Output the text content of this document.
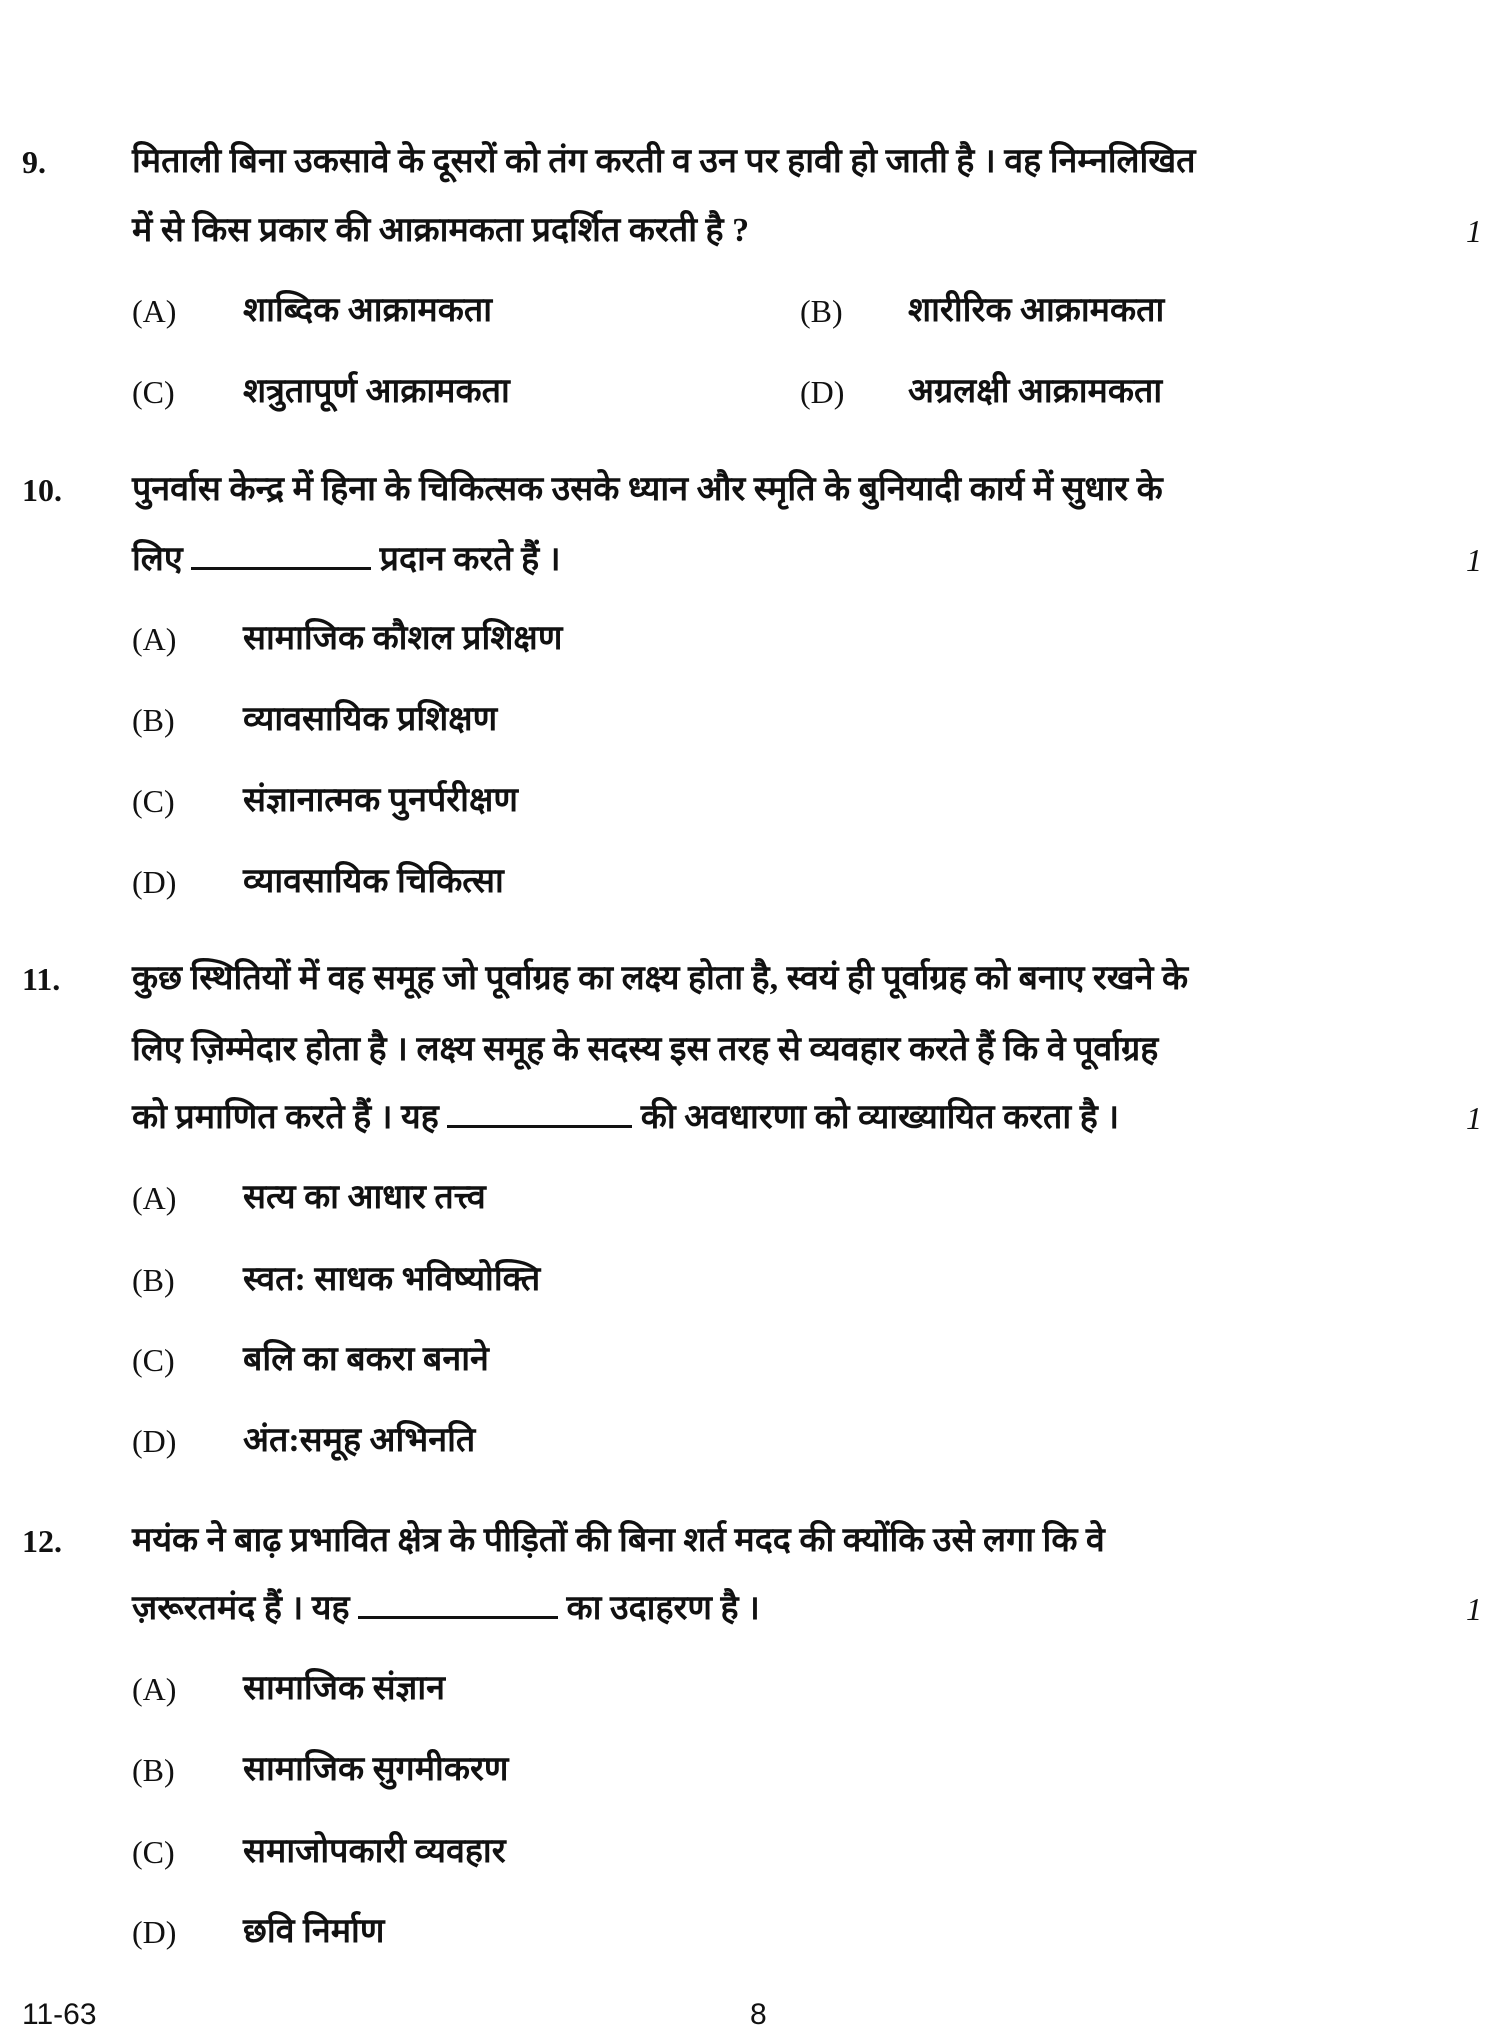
9.	मिताली बिना उकसावे के दूसरों को तंग करती व उन पर हावी हो जाती है । वह निम्नलिखित
में से किस प्रकार की आक्रामकता प्रदर्शित करती है ?	1
(A) शाब्दिक आक्रामकता	(B) शारीरिक आक्रामकता
(C) शत्रुतापूर्ण आक्रामकता	(D) अग्रलक्षी आक्रामकता
10. पुनर्वास केन्द्र में हिना के चिकित्सक उसके ध्यान और स्मृति के बुनियादी कार्य में सुधार के
लिए	प्रदान करते हैं ।	1
(A) सामाजिक कौशल प्रशिक्षण
(B) व्यावसायिक प्रशिक्षण
(C) संज्ञानात्मक पुनर्परीक्षण
(D) व्यावसायिक चिकित्सा
11. कुछ स्थितियों में वह समूह जो पूर्वाग्रह का लक्ष्य होता है, स्वयं ही पूर्वाग्रह को बनाए रखने के
लिए ज़िम्मेदार होता है । लक्ष्य समूह के सदस्य इस तरह से व्यवहार करते हैं कि वे पूर्वाग्रह
को प्रमाणित करते हैं । यह	की अवधारणा को व्याख्यायित करता है ।	1
(A) सत्य का आधार तत्त्व
(B) स्वत: साधक भविष्योक्ति
(C) बलि का बकरा बनाने
(D) अंत:समूह अभिनति
12. मयंक ने बाढ़ प्रभावित क्षेत्र के पीड़ितों की बिना शर्त मदद की क्योंकि उसे लगा कि वे
ज़रूरतमंद हैं । यह	का उदाहरण है ।	1
(A) सामाजिक संज्ञान
(B) सामाजिक सुगमीकरण
(C) समाजोपकारी व्यवहार
(D) छवि निर्माण
11-63	8
